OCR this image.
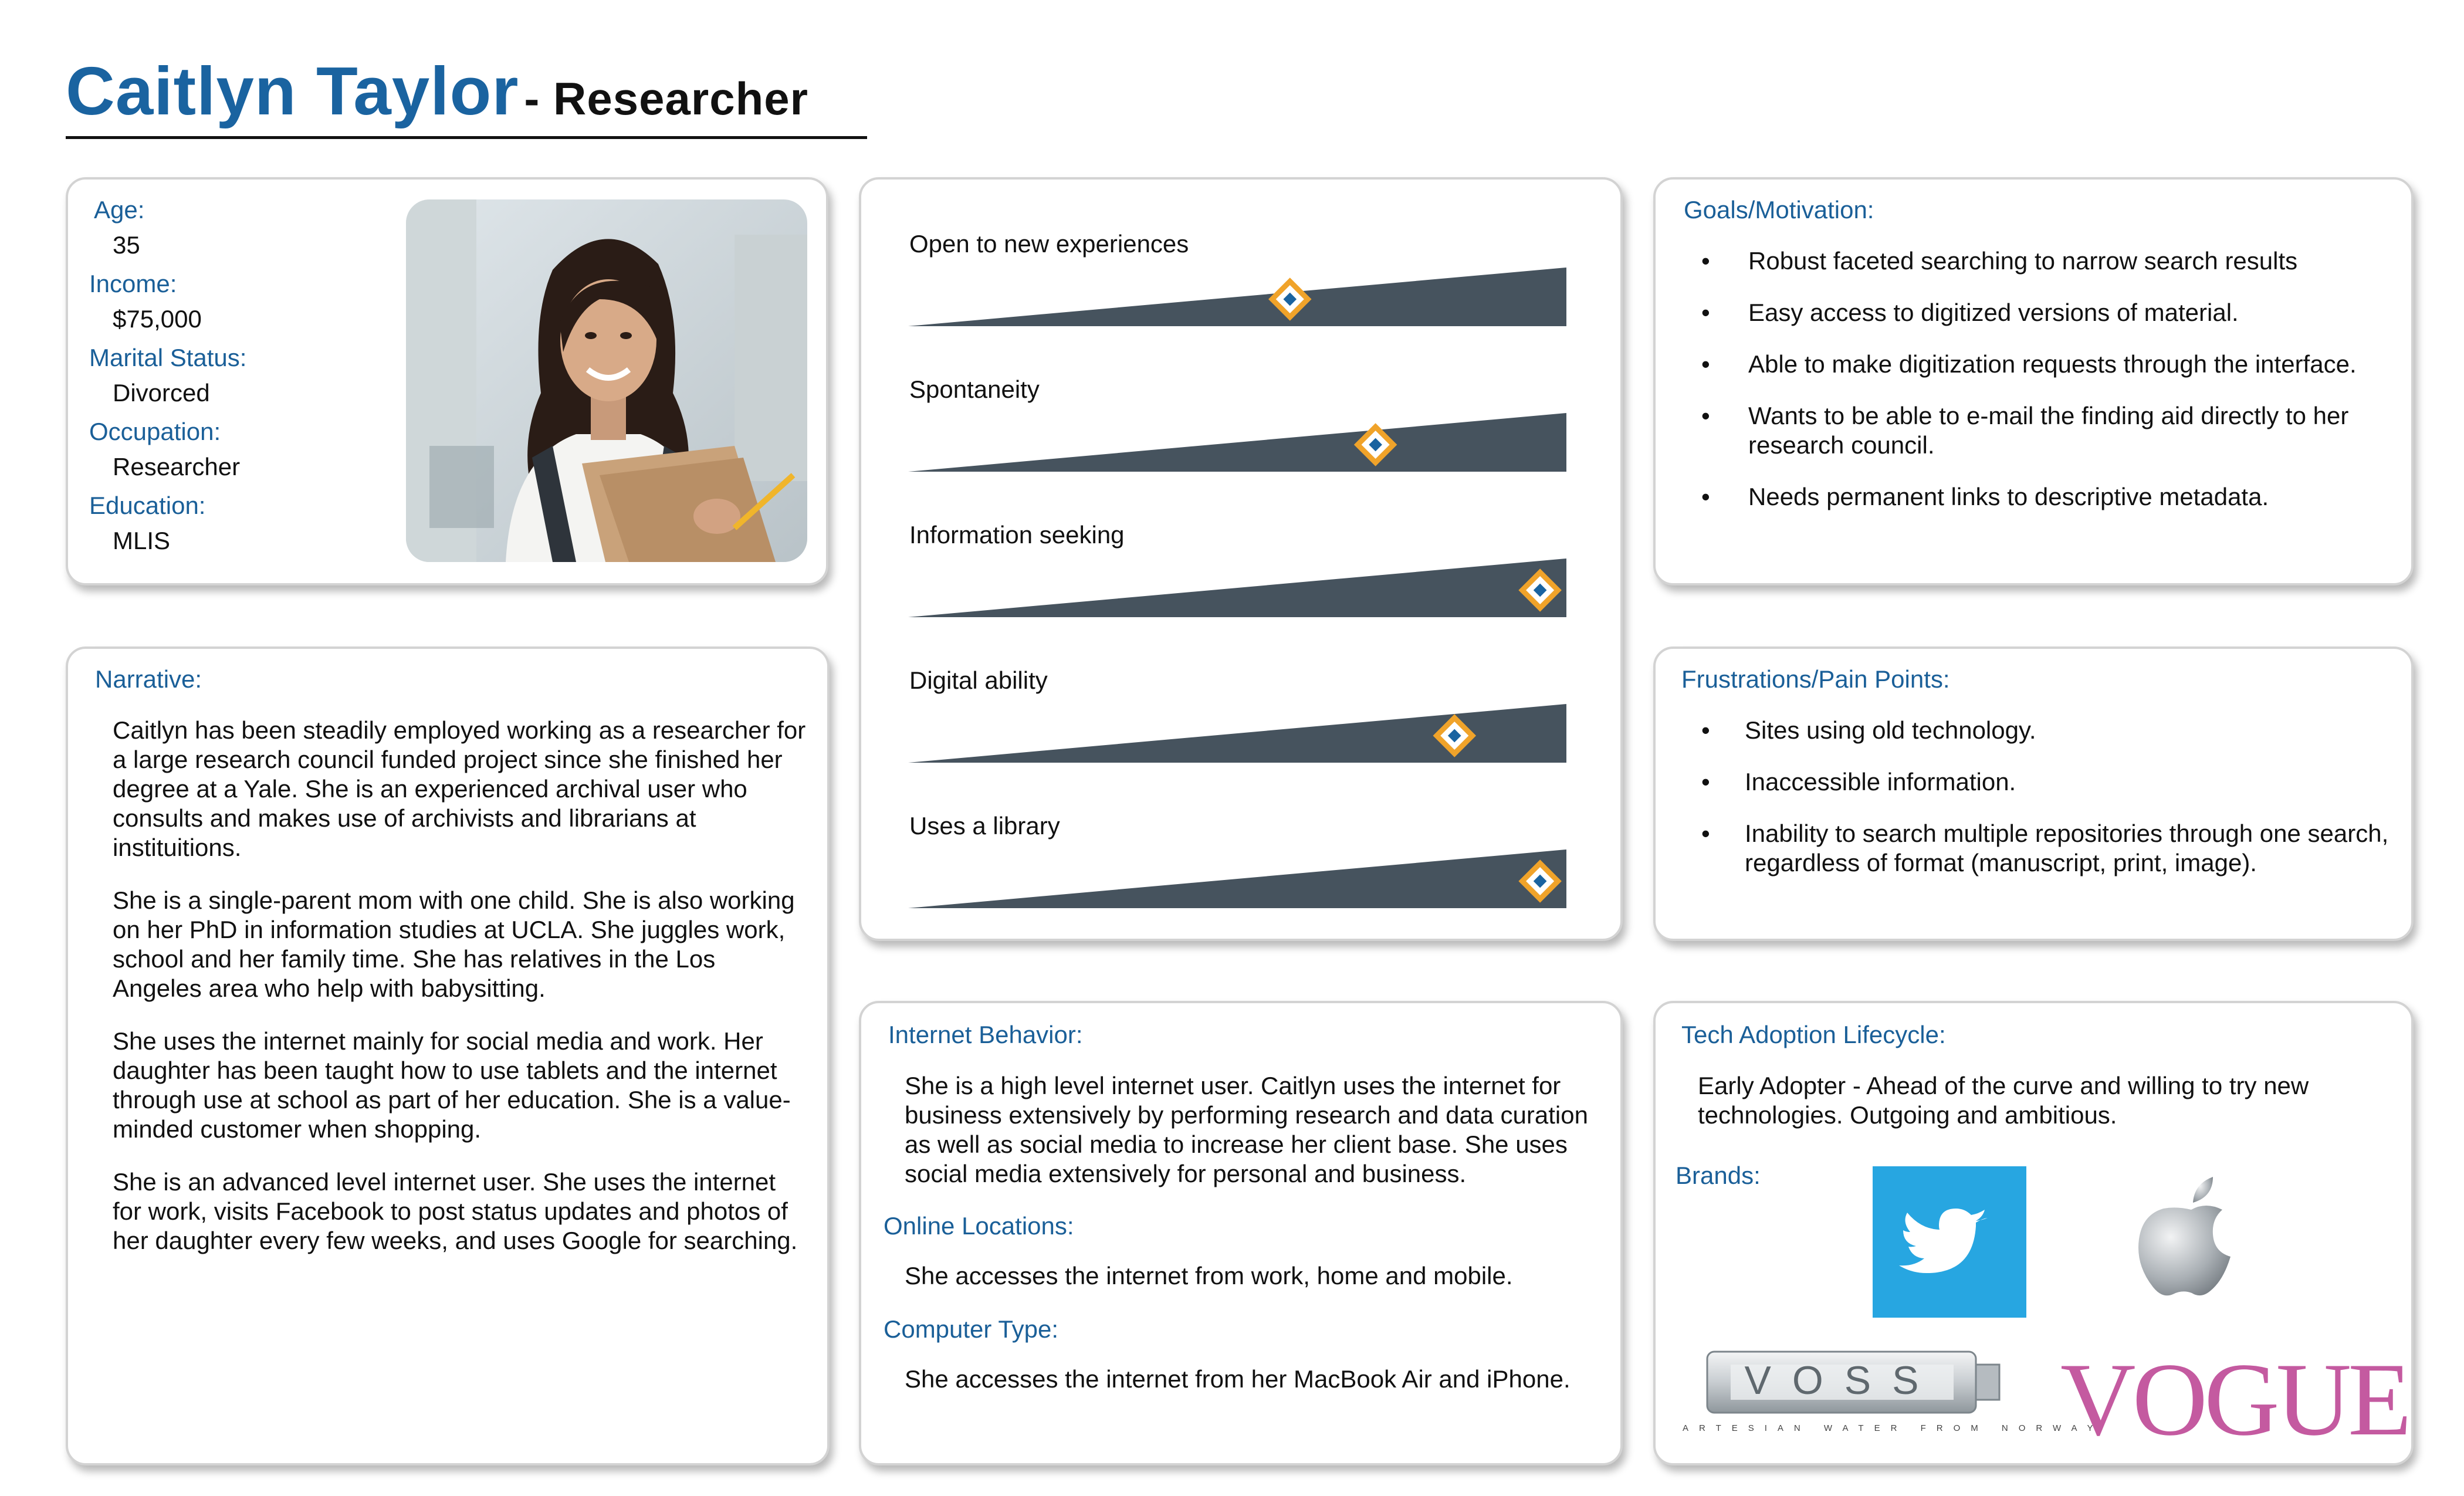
Caitlyn Taylor - Researcher
Age:
35
Income:
$75,000
Marital Status:
Divorced
Occupation:
Researcher
Education:
MLIS
Open to new experiences
Spontaneity
Information seeking
Digital ability
Uses a library
Goals/Motivation:
• Robust faceted searching to narrow search results
• Easy access to digitized versions of material.
• Able to make digitization requests through the interface.
• Wants to be able to e-mail the finding aid directly to her research council.
• Needs permanent links to descriptive metadata.
Narrative:

Caitlyn has been steadily employed working as a researcher for a large research council funded project since she finished her degree at a Yale. She is an experienced archival user who consults and makes use of archivists and librarians at instituitions.

She is a single-parent mom with one child. She is also working on her PhD in information studies at UCLA. She juggles work, school and her family time. She has relatives in the Los Angeles area who help with babysitting.

She uses the internet mainly for social media and work. Her daughter has been taught how to use tablets and the internet through use at school as part of her education. She is a value-minded customer when shopping.

She is an advanced level internet user. She uses the internet for work, visits Facebook to post status updates and photos of her daughter every few weeks, and uses Google for searching.

Frustrations/Pain Points:
• Sites using old technology.
• Inaccessible information.
• Inability to search multiple repositories through one search, regardless of format (manuscript, print, image).
Internet Behavior:

She is a high level internet user. Caitlyn uses the internet for business extensively by performing research and data curation as well as social media to increase her client base. She uses social media extensively for personal and business.

Online Locations:

She accesses the internet from work, home and mobile.

Computer Type:

She accesses the internet from her MacBook Air and iPhone.

Tech Adoption Lifecycle:

Early Adopter - Ahead of the curve and willing to try new technologies. Outgoing and ambitious.

Brands:
VOSS
ARTESIAN WATER FROM NORWAY
VOGUE
